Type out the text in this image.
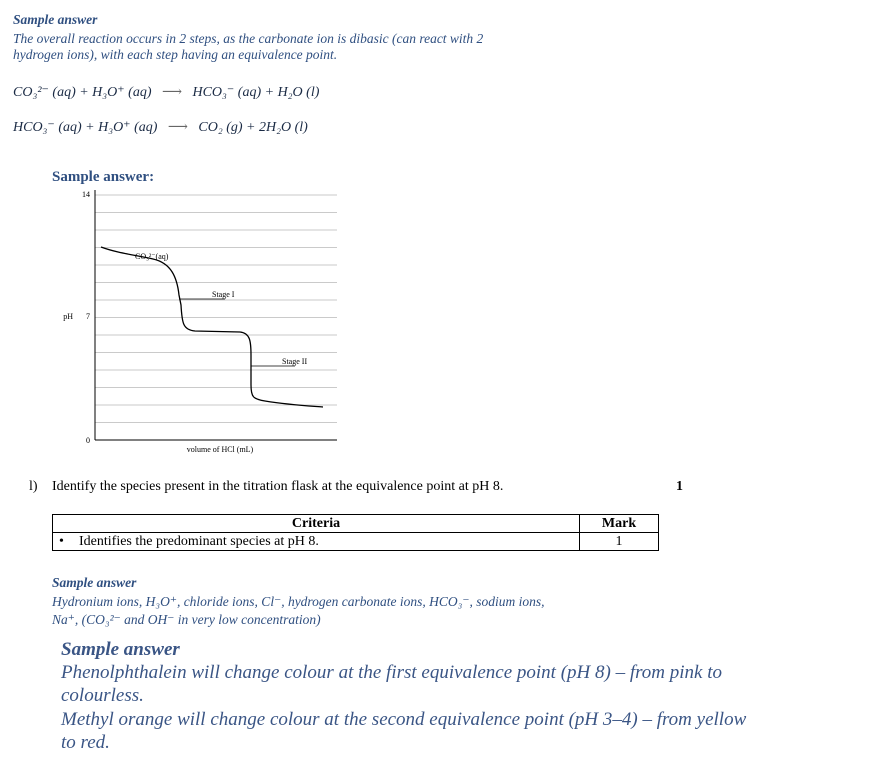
Sample answer
The overall reaction occurs in 2 steps, as the carbonate ion is dibasic (can react with 2
hydrogen ions), with each step having an equivalence point.
CO₃²⁻ (aq) + H₃O⁺ (aq) ⟶ HCO₃⁻ (aq) + H₂O (l)
HCO₃⁻ (aq) + H₃O⁺ (aq) ⟶ CO₂ (g) + 2H₂O (l)
Sample answer:
14
7
0
pH
CO₃²⁻(aq)
Stage I
Stage II
volume of HCl (mL)
l) Identify the species present in the titration flask at the equivalence point at pH 8.	1
Criteria	Mark
• Identifies the predominant species at pH 8.	1
Sample answer
Hydronium ions, H₃O⁺, chloride ions, Cl⁻, hydrogen carbonate ions, HCO₃⁻, sodium ions,
Na⁺, (CO₃²⁻ and OH⁻ in very low concentration)
Sample answer
Phenolphthalein will change colour at the first equivalence point (pH 8) – from pink to
colourless.
Methyl orange will change colour at the second equivalence point (pH 3–4) – from yellow
to red.
